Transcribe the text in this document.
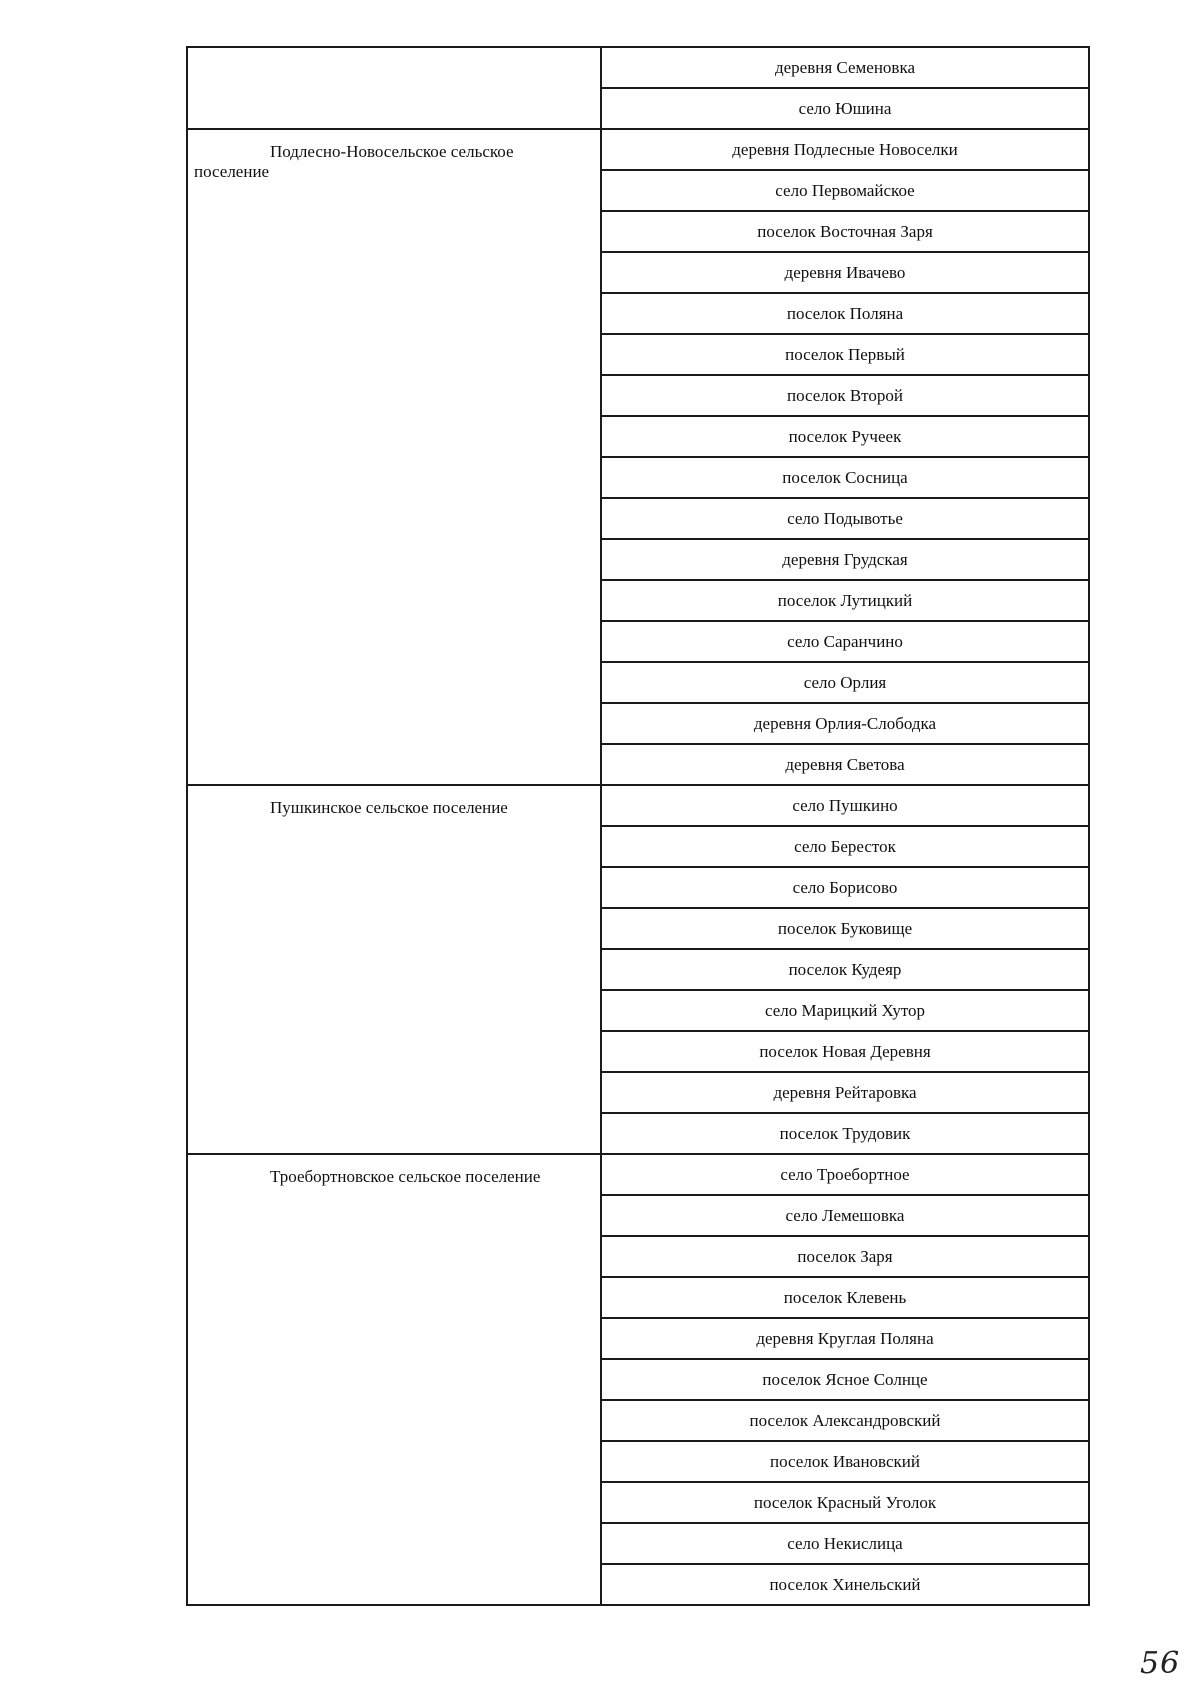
	деревня Семеновка
	село Юшина
Подлесно-Новосельское сельское поселение	деревня Подлесные Новоселки
	село Первомайское
	поселок Восточная Заря
	деревня Ивачево
	поселок Поляна
	поселок Первый
	поселок Второй
	поселок Ручеек
	поселок Сосница
	село Подывотье
	деревня Грудская
	поселок Лутицкий
	село Саранчино
	село Орлия
	деревня Орлия-Слободка
	деревня Светова
Пушкинское сельское поселение	село Пушкино
	село Бересток
	село Борисово
	поселок Буковище
	поселок Кудеяр
	село Марицкий Хутор
	поселок Новая Деревня
	деревня Рейтаровка
	поселок Трудовик
Троебортновское сельское поселение	село Троебортное
	село Лемешовка
	поселок Заря
	поселок Клевень
	деревня Круглая Поляна
	поселок Ясное Солнце
	поселок Александровский
	поселок Ивановский
	поселок Красный Уголок
	село Некислица
	поселок Хинельский
56
